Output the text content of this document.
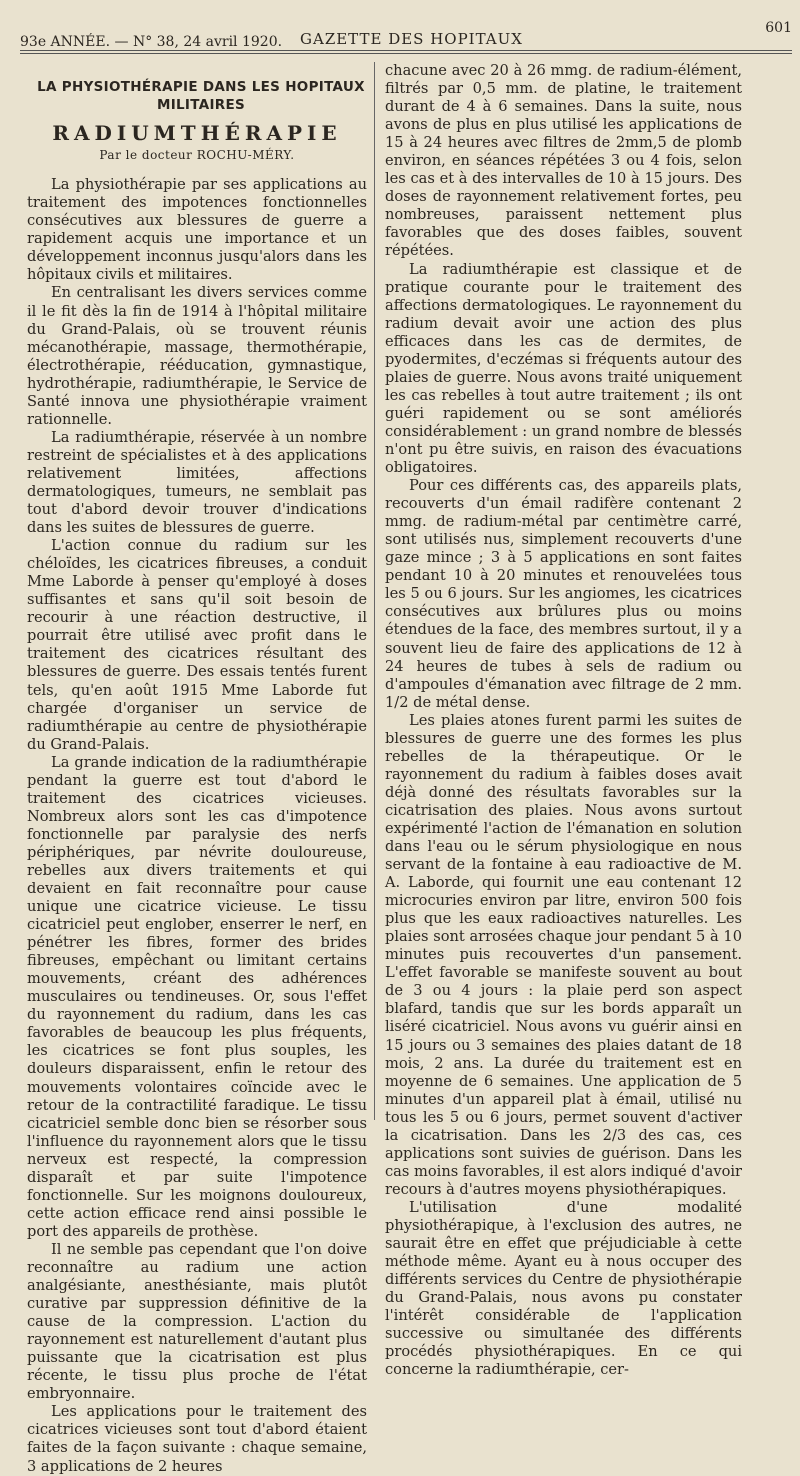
93e ANNÉE. — N° 38, 24 avril 1920. GAZETTE DES HOPITAUX
601
LA PHYSIOTHÉRAPIE DANS LES HOPITAUX MILITAIRES
RADIUMTHÉRAPIE
Par le docteur ROCHU-MÉRY.

La physiothérapie par ses applications au traitement des impotences fonctionnelles consécutives aux blessures de guerre a rapidement acquis une importance et un développement inconnus jusqu'alors dans les hôpitaux civils et militaires.

En centralisant les divers services comme il le fit dès la fin de 1914 à l'hôpital militaire du Grand-Palais, où se trouvent réunis mécanothérapie, massage, thermothérapie, électrothérapie, rééducation, gymnastique, hydrothérapie, radiumthérapie, le Service de Santé innova une physiothérapie vraiment rationnelle.

La radiumthérapie, réservée à un nombre restreint de spécialistes et à des applications relativement limitées, affections dermatologiques, tumeurs, ne semblait pas tout d'abord devoir trouver d'indications dans les suites de blessures de guerre.

L'action connue du radium sur les chéloïdes, les cicatrices fibreuses, a conduit Mme Laborde à penser qu'employé à doses suffisantes et sans qu'il soit besoin de recourir à une réaction destructive, il pourrait être utilisé avec profit dans le traitement des cicatrices résultant des blessures de guerre. Des essais tentés furent tels, qu'en août 1915 Mme Laborde fut chargée d'organiser un service de radiumthérapie au centre de physiothérapie du Grand-Palais.

La grande indication de la radiumthérapie pendant la guerre est tout d'abord le traitement des cicatrices vicieuses. Nombreux alors sont les cas d'impotence fonctionnelle par paralysie des nerfs périphériques, par névrite douloureuse, rebelles aux divers traitements et qui devaient en fait reconnaître pour cause unique une cicatrice vicieuse. Le tissu cicatriciel peut englober, enserrer le nerf, en pénétrer les fibres, former des brides fibreuses, empêchant ou limitant certains mouvements, créant des adhérences musculaires ou tendineuses. Or, sous l'effet du rayonnement du radium, dans les cas favorables de beaucoup les plus fréquents, les cicatrices se font plus souples, les douleurs disparaissent, enfin le retour des mouvements volontaires coïncide avec le retour de la contractilité faradique. Le tissu cicatriciel semble donc bien se résorber sous l'influence du rayonnement alors que le tissu nerveux est respecté, la compression disparaît et par suite l'impotence fonctionnelle. Sur les moignons douloureux, cette action efficace rend ainsi possible le port des appareils de prothèse.

Il ne semble pas cependant que l'on doive reconnaître au radium une action analgésiante, anesthésiante, mais plutôt curative par suppression définitive de la cause de la compression. L'action du rayonnement est naturellement d'autant plus puissante que la cicatrisation est plus récente, le tissu plus proche de l'état embryonnaire.

Les applications pour le traitement des cicatrices vicieuses sont tout d'abord étaient faites de la façon suivante : chaque semaine, 3 applications de 2 heures

chacune avec 20 à 26 mmg. de radium-élément, filtrés par 0,5 mm. de platine, le traitement durant de 4 à 6 semaines. Dans la suite, nous avons de plus en plus utilisé les applications de 15 à 24 heures avec filtres de 2mm,5 de plomb environ, en séances répétées 3 ou 4 fois, selon les cas et à des intervalles de 10 à 15 jours. Des doses de rayonnement relativement fortes, peu nombreuses, paraissent nettement plus favorables que des doses faibles, souvent répétées.

La radiumthérapie est classique et de pratique courante pour le traitement des affections dermatologiques. Le rayonnement du radium devait avoir une action des plus efficaces dans les cas de dermites, de pyodermites, d'eczémas si fréquents autour des plaies de guerre. Nous avons traité uniquement les cas rebelles à tout autre traitement ; ils ont guéri rapidement ou se sont améliorés considérablement : un grand nombre de blessés n'ont pu être suivis, en raison des évacuations obligatoires.

Pour ces différents cas, des appareils plats, recouverts d'un émail radifère contenant 2 mmg. de radium-métal par centimètre carré, sont utilisés nus, simplement recouverts d'une gaze mince ; 3 à 5 applications en sont faites pendant 10 à 20 minutes et renouvelées tous les 5 ou 6 jours. Sur les angiomes, les cicatrices consécutives aux brûlures plus ou moins étendues de la face, des membres surtout, il y a souvent lieu de faire des applications de 12 à 24 heures de tubes à sels de radium ou d'ampoules d'émanation avec filtrage de 2 mm. 1/2 de métal dense.

Les plaies atones furent parmi les suites de blessures de guerre une des formes les plus rebelles de la thérapeutique. Or le rayonnement du radium à faibles doses avait déjà donné des résultats favorables sur la cicatrisation des plaies. Nous avons surtout expérimenté l'action de l'émanation en solution dans l'eau ou le sérum physiologique en nous servant de la fontaine à eau radioactive de M. A. Laborde, qui fournit une eau contenant 12 microcuries environ par litre, environ 500 fois plus que les eaux radioactives naturelles. Les plaies sont arrosées chaque jour pendant 5 à 10 minutes puis recouvertes d'un pansement. L'effet favorable se manifeste souvent au bout de 3 ou 4 jours : la plaie perd son aspect blafard, tandis que sur les bords apparaît un liséré cicatriciel. Nous avons vu guérir ainsi en 15 jours ou 3 semaines des plaies datant de 18 mois, 2 ans. La durée du traitement est en moyenne de 6 semaines. Une application de 5 minutes d'un appareil plat à émail, utilisé nu tous les 5 ou 6 jours, permet souvent d'activer la cicatrisation. Dans les 2/3 des cas, ces applications sont suivies de guérison. Dans les cas moins favorables, il est alors indiqué d'avoir recours à d'autres moyens physiothérapiques.

L'utilisation d'une modalité physiothérapique, à l'exclusion des autres, ne saurait être en effet que préjudiciable à cette méthode même. Ayant eu à nous occuper des différents services du Centre de physiothérapie du Grand-Palais, nous avons pu constater l'intérêt considérable de l'application successive ou simultanée des différents procédés physiothérapiques. En ce qui concerne la radiumthérapie, cer-
